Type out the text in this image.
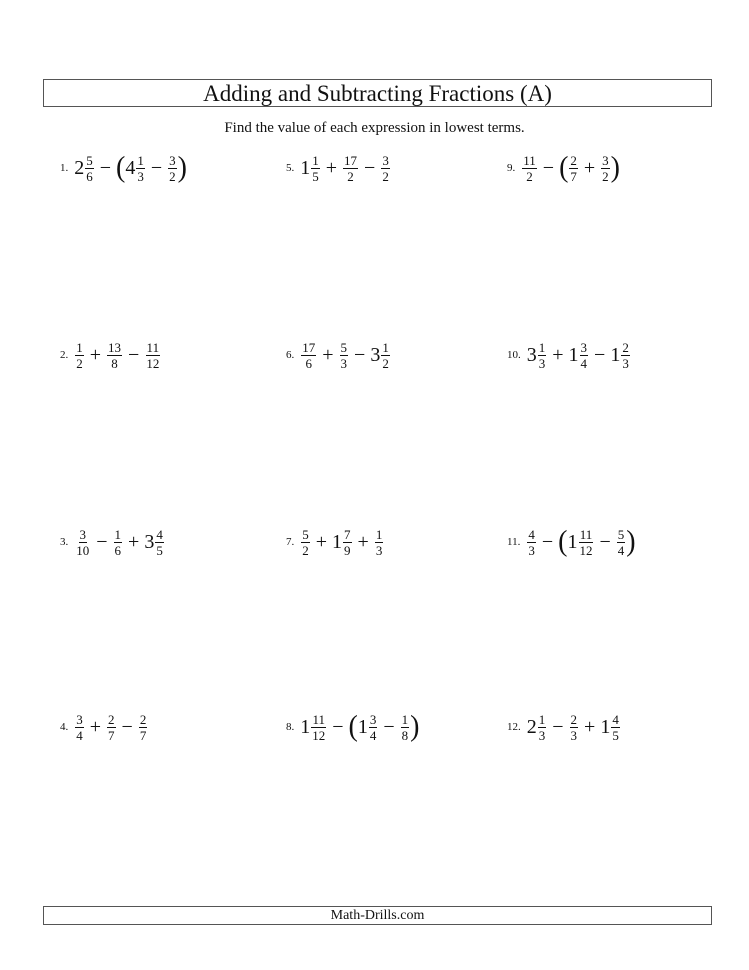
Adding and Subtracting Fractions (A)
Find the value of each expression in lowest terms.
1. $2 \frac{5}{6}$ − ( $4 \frac{1}{3} - \frac{3}{2}$ )
2. $\frac{1}{2} + \frac{13}{8} - \frac{11}{12}$
3. $\frac{3}{10} - \frac{1}{6} + 3 \frac{4}{5}$
4. $\frac{3}{4} + \frac{2}{7} - \frac{2}{7}$
5. $1 \frac{1}{5} + \frac{17}{2} - \frac{3}{2}$
6. $\frac{17}{6} + \frac{5}{3} - 3 \frac{1}{2}$
7. $\frac{5}{2} + 1 \frac{7}{9} + \frac{1}{3}$
8. $1 \frac{11}{12}$ − ( $1 \frac{3}{4} - \frac{1}{8}$ )
9. $\frac{11}{2}$ − ( $\frac{2}{7} + \frac{3}{2}$ )
10. $3 \frac{1}{3} + 1 \frac{3}{4} - 1 \frac{2}{3}$
11. $\frac{4}{3}$ − ( $1 \frac{11}{12} - \frac{5}{4}$ )
12. $2 \frac{1}{3} - \frac{2}{3} + 1 \frac{4}{5}$
Math-Drills.com
